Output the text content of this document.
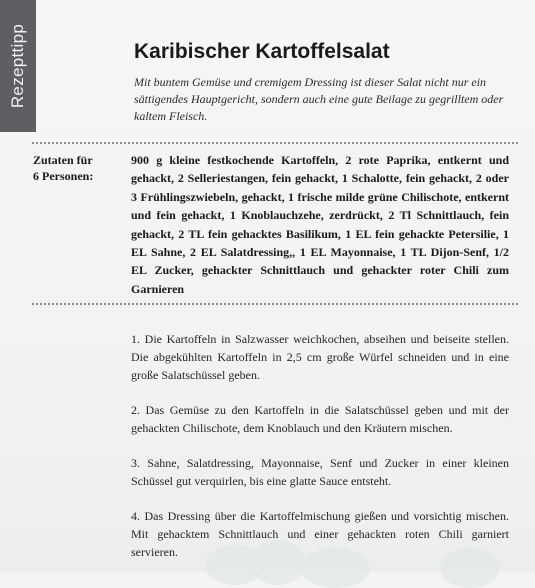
Rezepttipp	Karibischer Kartoffelsalat
Mit buntem Gemüse und cremigem Dressing ist dieser Salat nicht nur ein sättigendes Hauptgericht, sondern auch eine gute Beilage zu gegrilltem oder kaltem Fleisch.
Zutaten für
6 Personen:
900 g kleine festkochende Kartoffeln, 2 rote Paprika, entkernt und gehackt, 2 Selleriestangen, fein gehackt, 1 Schalotte, fein gehackt, 2 oder 3 Frühlingszwiebeln, gehackt, 1 frische milde grüne Chilischote, entkernt und fein gehackt, 1 Knoblauchzehe, zerdrückt, 2 Tl Schnittlauch, fein gehackt, 2 TL fein gehacktes Basilikum, 1 EL fein gehackte Petersilie, 1 EL Sahne, 2 EL Salatdressing,, 1 EL Mayonnaise, 1 TL Dijon-Senf, 1/2 EL Zucker, gehackter Schnittlauch und gehackter roter Chili zum Garnieren

1. Die Kartoffeln in Salzwasser weichkochen, abseihen und beiseite stellen. Die abgekühlten Kartoffeln in 2,5 cm große Würfel schneiden und in eine große Salatschüssel geben.

2. Das Gemüse zu den Kartoffeln in die Salatschüssel geben und mit der gehackten Chilischote, dem Knoblauch und den Kräutern mischen.

3. Sahne, Salatdressing, Mayonnaise, Senf und Zucker in einer kleinen Schüssel gut verquirlen, bis eine glatte Sauce entsteht.

4. Das Dressing über die Kartoffelmischung gießen und vorsichtig mischen. Mit gehacktem Schnittlauch und einer gehackten roten Chili garniert servieren.
